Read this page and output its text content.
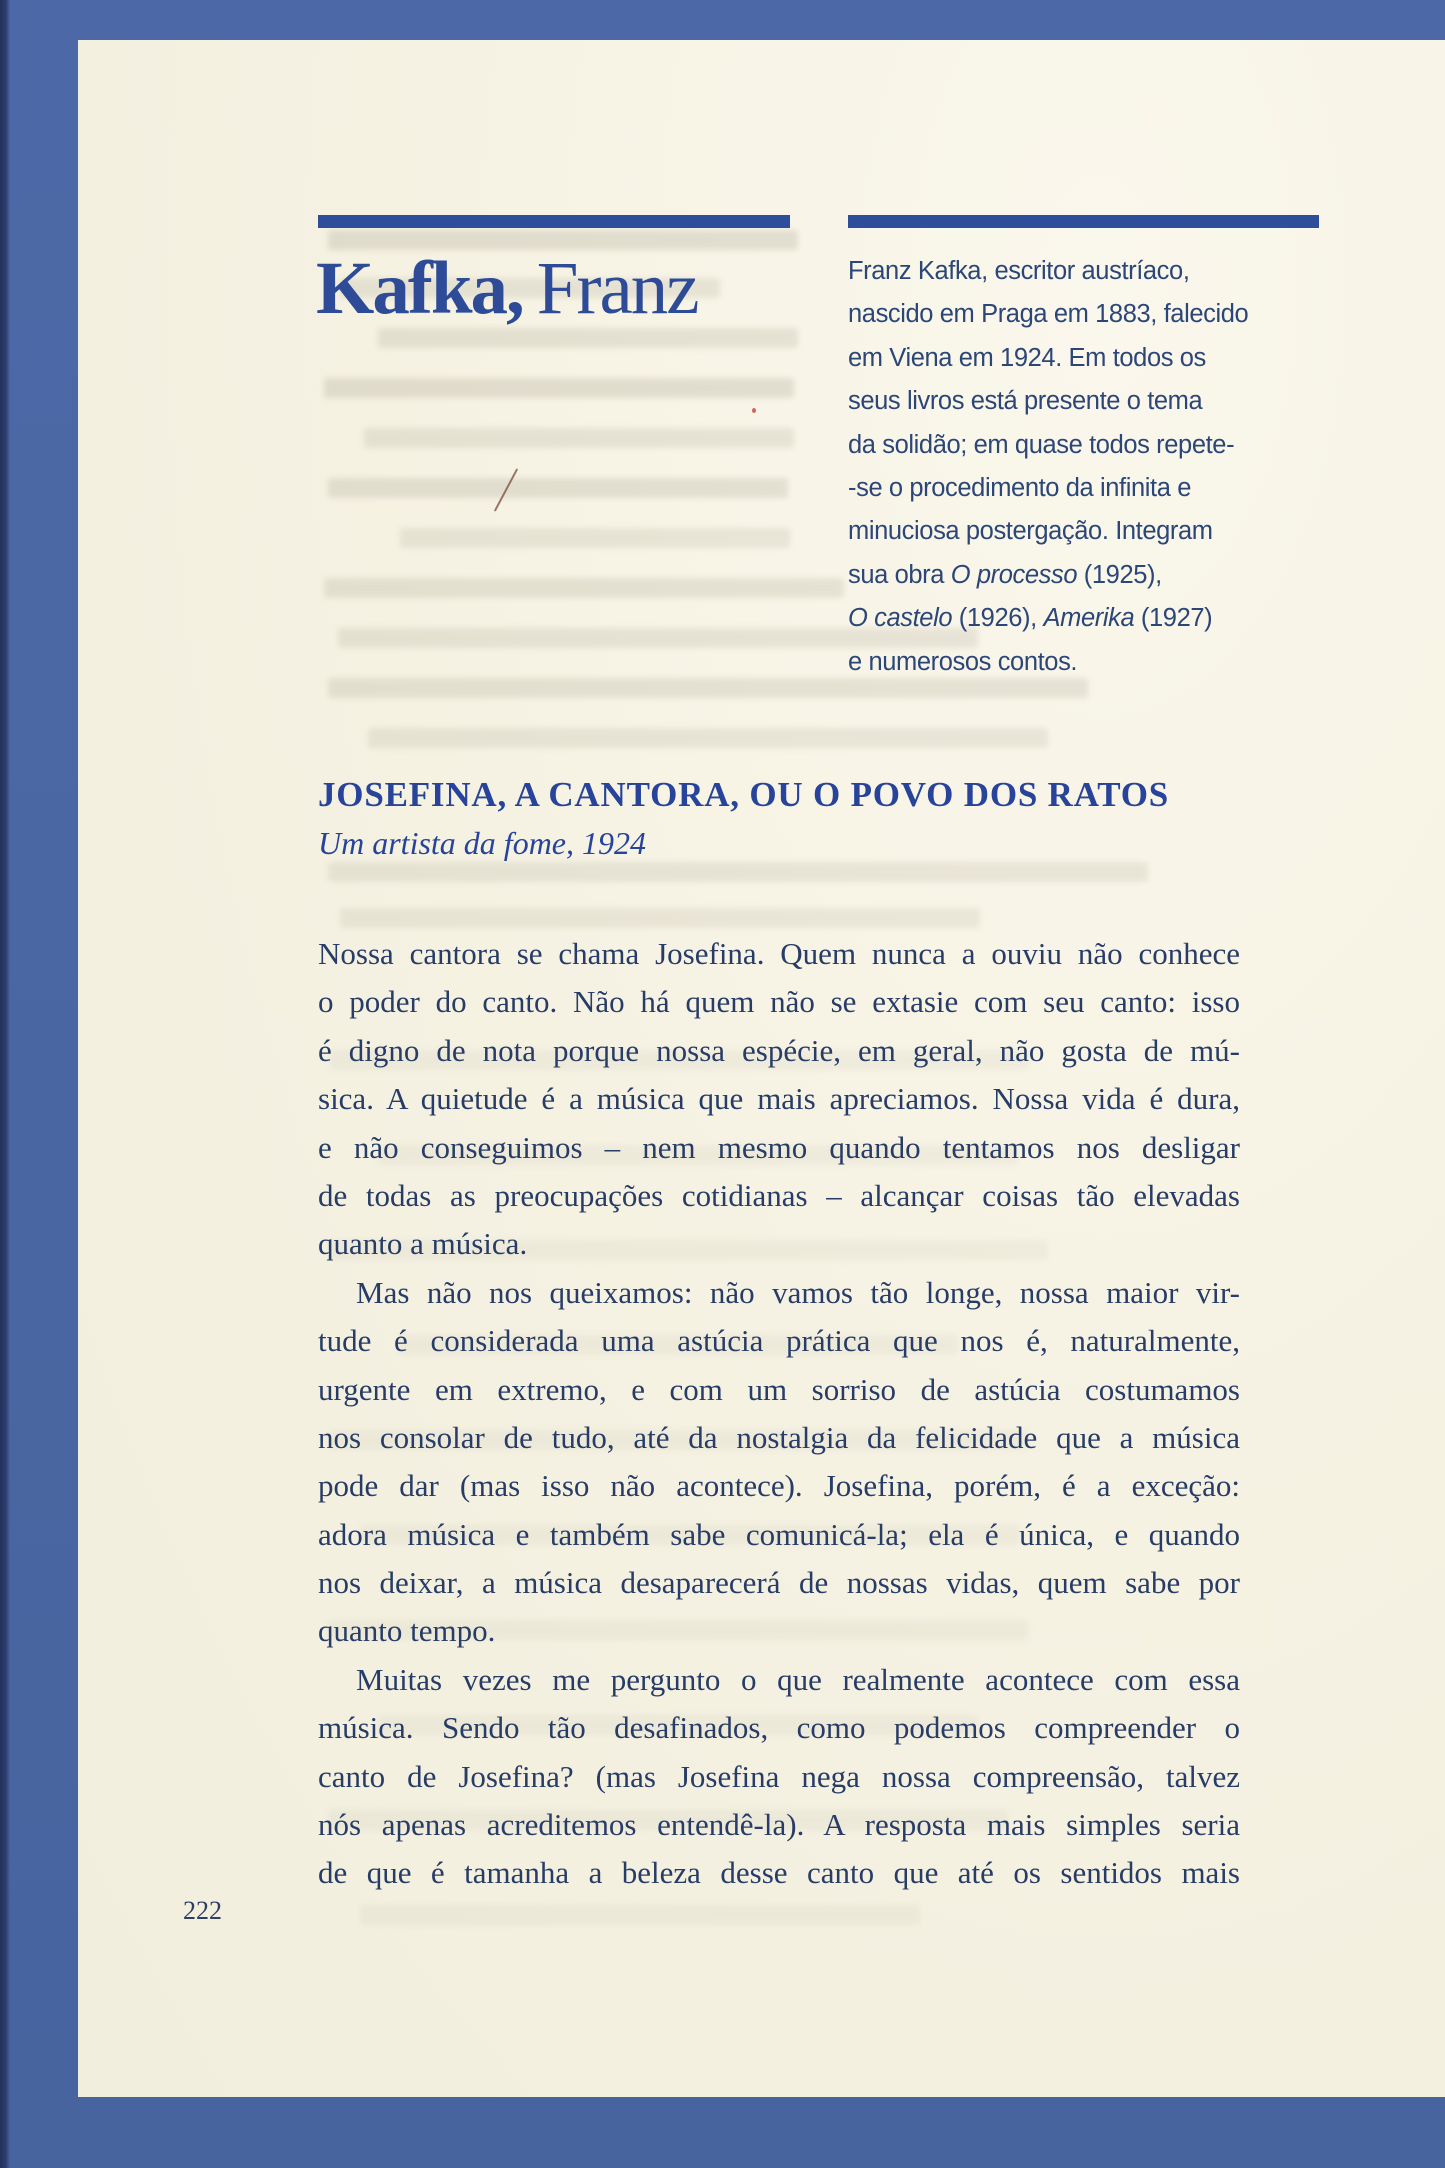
Kafka, Franz	Franz Kafka, escritor austríaco,
nascido em Praga em 1883, falecido
em Viena em 1924. Em todos os
seus livros está presente o tema
da solidão; em quase todos repete-
-se o procedimento da infinita e
minuciosa postergação. Integram
sua obra O processo (1925),
O castelo (1926), Amerika (1927)
e numerosos contos.
JOSEFINA, A CANTORA, OU O POVO DOS RATOS
Um artista da fome, 1924
Nossa cantora se chama Josefina. Quem nunca a ouviu não conhece
o poder do canto. Não há quem não se extasie com seu canto: isso
é digno de nota porque nossa espécie, em geral, não gosta de mú-
sica. A quietude é a música que mais apreciamos. Nossa vida é dura,
e não conseguimos – nem mesmo quando tentamos nos desligar
de todas as preocupações cotidianas – alcançar coisas tão elevadas
quanto a música.
Mas não nos queixamos: não vamos tão longe, nossa maior vir-
tude é considerada uma astúcia prática que nos é, naturalmente,
urgente em extremo, e com um sorriso de astúcia costumamos
nos consolar de tudo, até da nostalgia da felicidade que a música
pode dar (mas isso não acontece). Josefina, porém, é a exceção:
adora música e também sabe comunicá-la; ela é única, e quando
nos deixar, a música desaparecerá de nossas vidas, quem sabe por
quanto tempo.
Muitas vezes me pergunto o que realmente acontece com essa
música. Sendo tão desafinados, como podemos compreender o
canto de Josefina? (mas Josefina nega nossa compreensão, talvez
nós apenas acreditemos entendê-la). A resposta mais simples seria
de que é tamanha a beleza desse canto que até os sentidos mais
222
